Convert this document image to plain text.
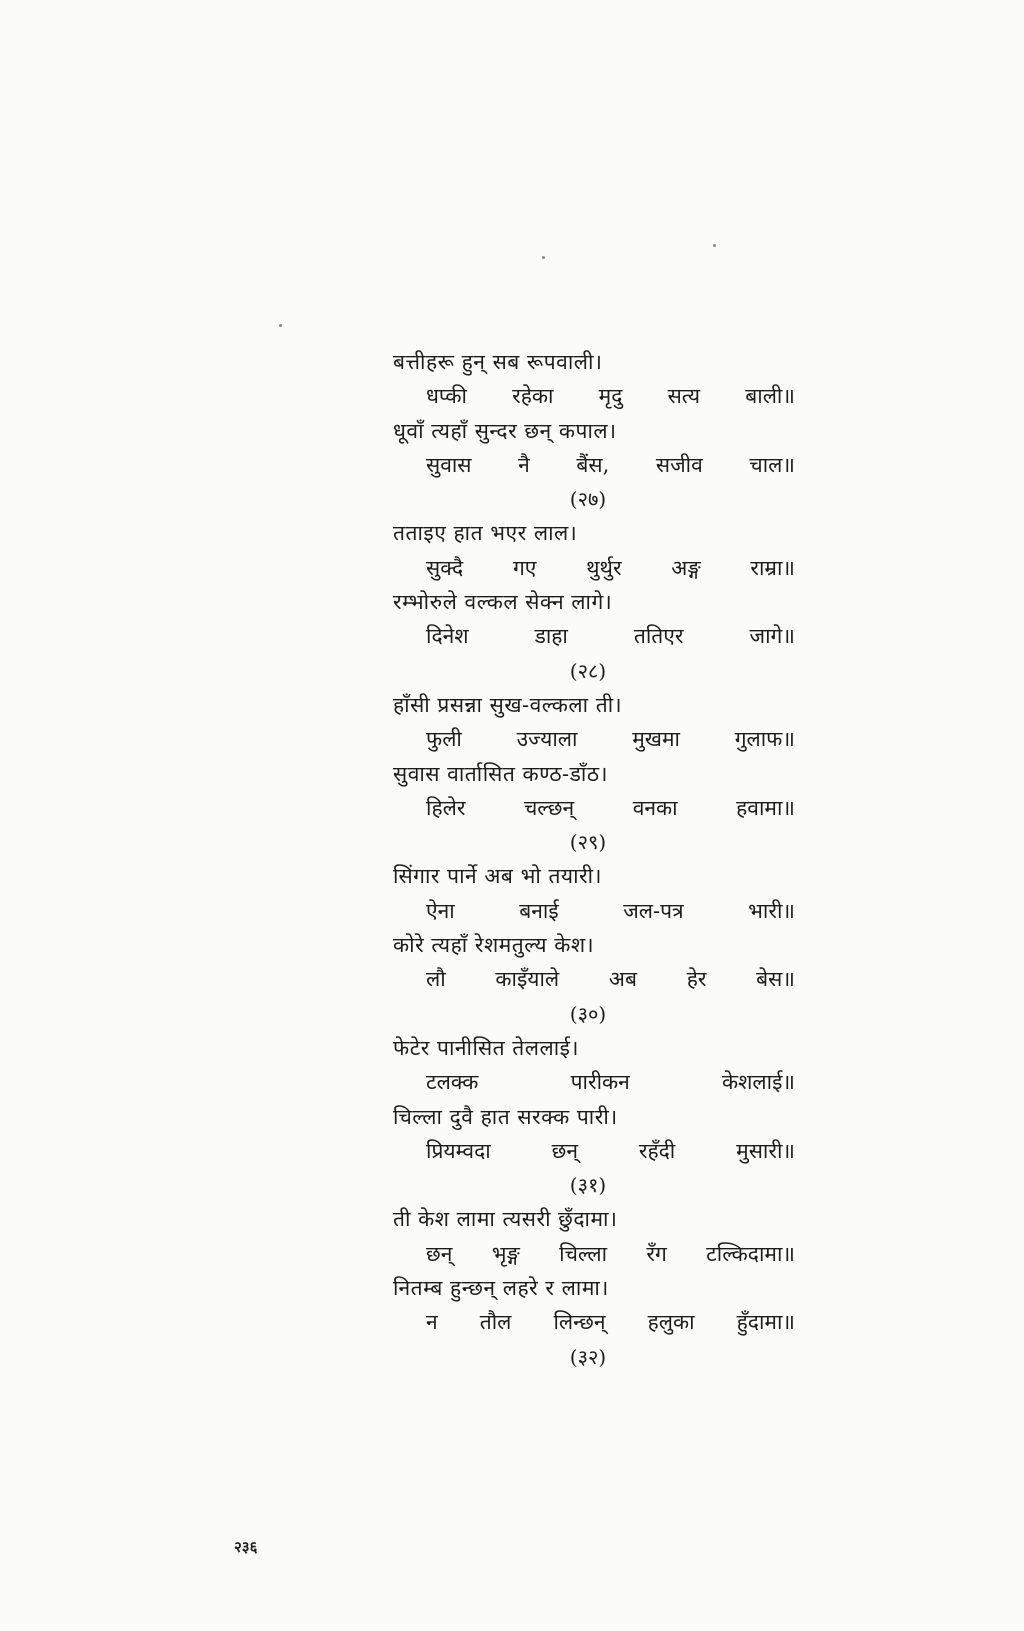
बत्तीहरू हुन् सब रूपवाली।
धप्की रहेका मृदु सत्य बाली॥
धूवाँ त्यहाँ सुन्दर छन् कपाल।
सुवास नै बैंस, सजीव चाल॥
(२७)
तताइए हात भएर लाल।
सुक्दै गए थुर्थुर अङ्ग राम्रा॥
रम्भोरुले वल्कल सेक्न लागे।
दिनेश	डाहा	ततिएर	जागे॥
(२८)
हाँसी प्रसन्ना सुख-वल्कला ती।
फुली	उज्याला	मुखमा	गुलाफ॥
सुवास वार्तासित कण्ठ-डाँठ।
हिलेर	चल्छन्	वनका	हवामा॥
(२९)
सिंगार पार्ने अब भो तयारी।
ऐना	बनाई	जल-पत्र	भारी॥
कोरे त्यहाँ रेशमतुल्य केश।
लौ काइँयाले अब हेर बेस॥
(३०)
फेटेर पानीसित तेललाई।
टलक्क	पारीकन	केशलाई॥
चिल्ला दुवै हात सरक्क पारी।
प्रियम्वदा	छन्	रहँदी	मुसारी॥
(३१)
ती केश लामा त्यसरी छुँदामा।
छन् भृङ्ग चिल्ला रँग टल्किदामा॥
नितम्ब हुन्छन् लहरे र लामा।
न तौल लिन्छन् हलुका हुँदामा॥
(३२)
२३६
